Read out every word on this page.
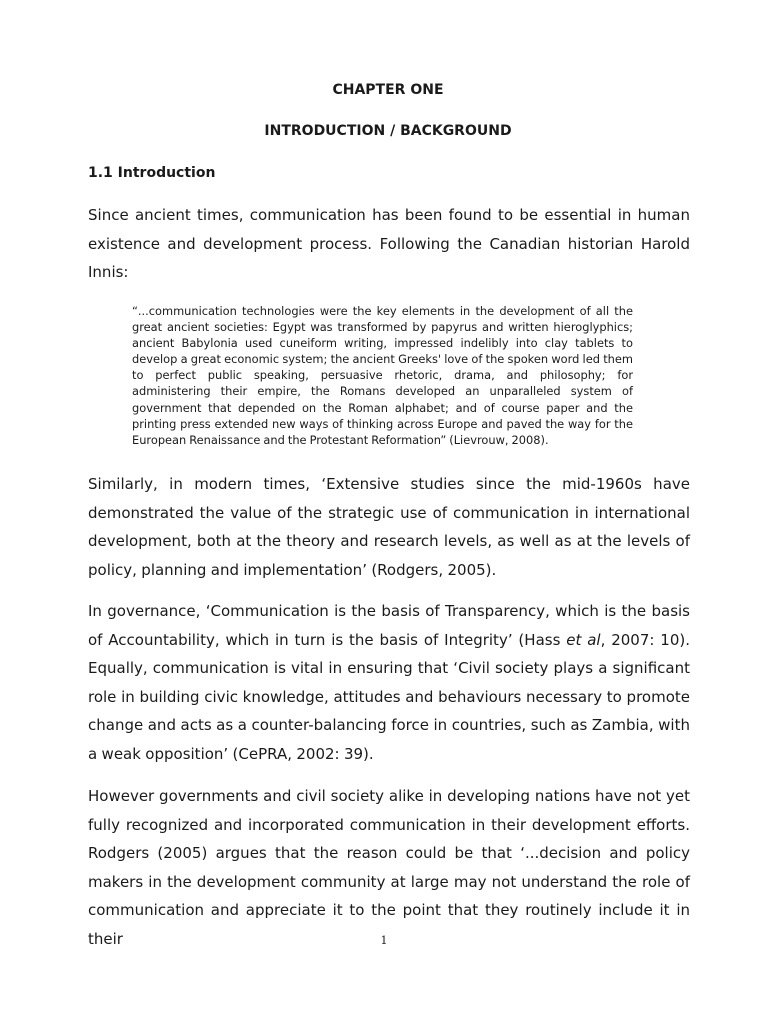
CHAPTER ONE
INTRODUCTION / BACKGROUND
1.1 Introduction

Since ancient times, communication has been found to be essential in human existence and development process. Following the Canadian historian Harold Innis:

“...communication technologies were the key elements in the development of all the great ancient societies: Egypt was transformed by papyrus and written hieroglyphics; ancient Babylonia used cuneiform writing, impressed indelibly into clay tablets to develop a great economic system; the ancient Greeks' love of the spoken word led them to perfect public speaking, persuasive rhetoric, drama, and philosophy; for administering their empire, the Romans developed an unparalleled system of government that depended on the Roman alphabet; and of course paper and the printing press extended new ways of thinking across Europe and paved the way for the European Renaissance and the Protestant Reformation” (Lievrouw, 2008).

Similarly, in modern times, ‘Extensive studies since the mid-1960s have demonstrated the value of the strategic use of communication in international development, both at the theory and research levels, as well as at the levels of policy, planning and implementation’ (Rodgers, 2005).

In governance, ‘Communication is the basis of Transparency, which is the basis of Accountability, which in turn is the basis of Integrity’ (Hass et al, 2007: 10). Equally, communication is vital in ensuring that ‘Civil society plays a significant role in building civic knowledge, attitudes and behaviours necessary to promote change and acts as a counter-balancing force in countries, such as Zambia, with a weak opposition’ (CePRA, 2002: 39).

However governments and civil society alike in developing nations have not yet fully recognized and incorporated communication in their development efforts. Rodgers (2005) argues that the reason could be that ‘...decision and policy makers in the development community at large may not understand the role of communication and appreciate it to the point that they routinely include it in their	1
